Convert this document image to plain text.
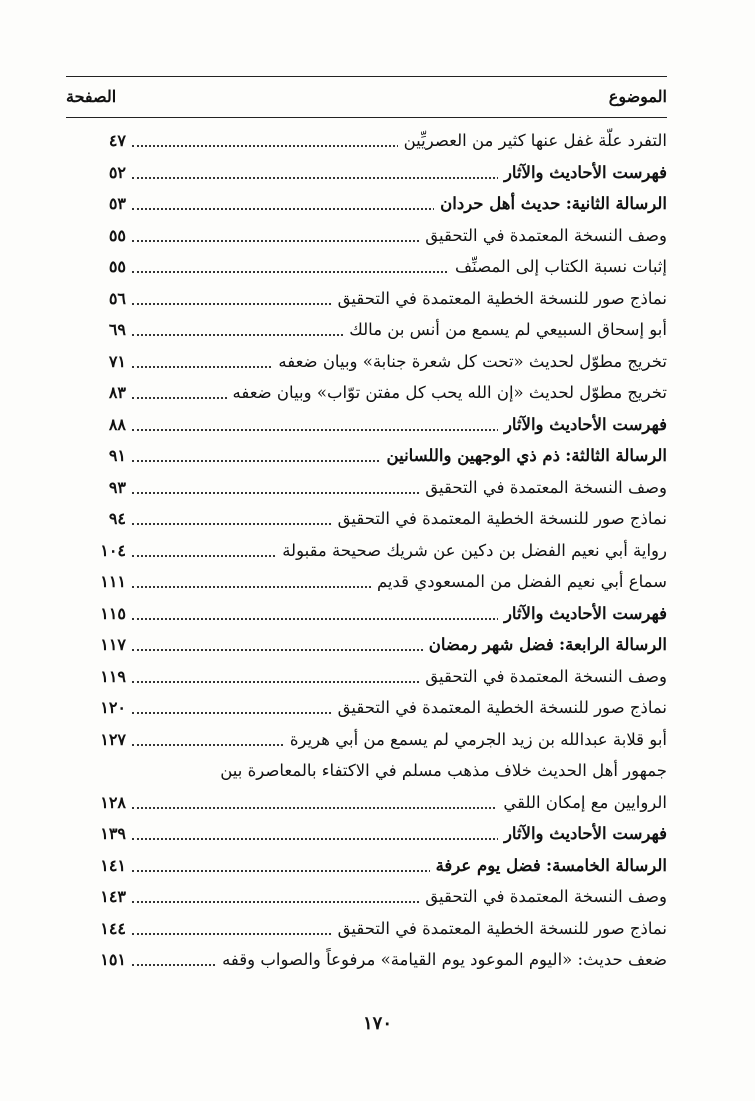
الموضوع
الصفحة
التفرد علّة غفل عنها كثير من العصريِّين
٤٧
فهرست الأحاديث والآثار
٥٢
الرسالة الثانية: حديث أهل حردان
٥٣
وصف النسخة المعتمدة في التحقيق
٥٥
إثبات نسبة الكتاب إلى المصنِّف
٥٥
نماذج صور للنسخة الخطية المعتمدة في التحقيق
٥٦
أبو إسحاق السبيعي لم يسمع من أنس بن مالك
٦٩
تخريج مطوّل لحديث «تحت كل شعرة جنابة» وبيان ضعفه
٧١
تخريج مطوّل لحديث «إن الله يحب كل مفتن توّاب» وبيان ضعفه
٨٣
فهرست الأحاديث والآثار
٨٨
الرسالة الثالثة: ذم ذي الوجهين واللسانين
٩١
وصف النسخة المعتمدة في التحقيق
٩٣
نماذج صور للنسخة الخطية المعتمدة في التحقيق
٩٤
رواية أبي نعيم الفضل بن دكين عن شريك صحيحة مقبولة
١٠٤
سماع أبي نعيم الفضل من المسعودي قديم
١١١
فهرست الأحاديث والآثار
١١٥
الرسالة الرابعة: فضل شهر رمضان
١١٧
وصف النسخة المعتمدة في التحقيق
١١٩
نماذج صور للنسخة الخطية المعتمدة في التحقيق
١٢٠
أبو قلابة عبدالله بن زيد الجرمي لم يسمع من أبي هريرة
١٢٧
جمهور أهل الحديث خلاف مذهب مسلم في الاكتفاء بالمعاصرة بين
الروايين مع إمكان اللقي
١٢٨
فهرست الأحاديث والآثار
١٣٩
الرسالة الخامسة: فضل يوم عرفة
١٤١
وصف النسخة المعتمدة في التحقيق
١٤٣
نماذج صور للنسخة الخطية المعتمدة في التحقيق
١٤٤
ضعف حديث: «اليوم الموعود يوم القيامة» مرفوعاً والصواب وقفه
١٥١
١٧٠
